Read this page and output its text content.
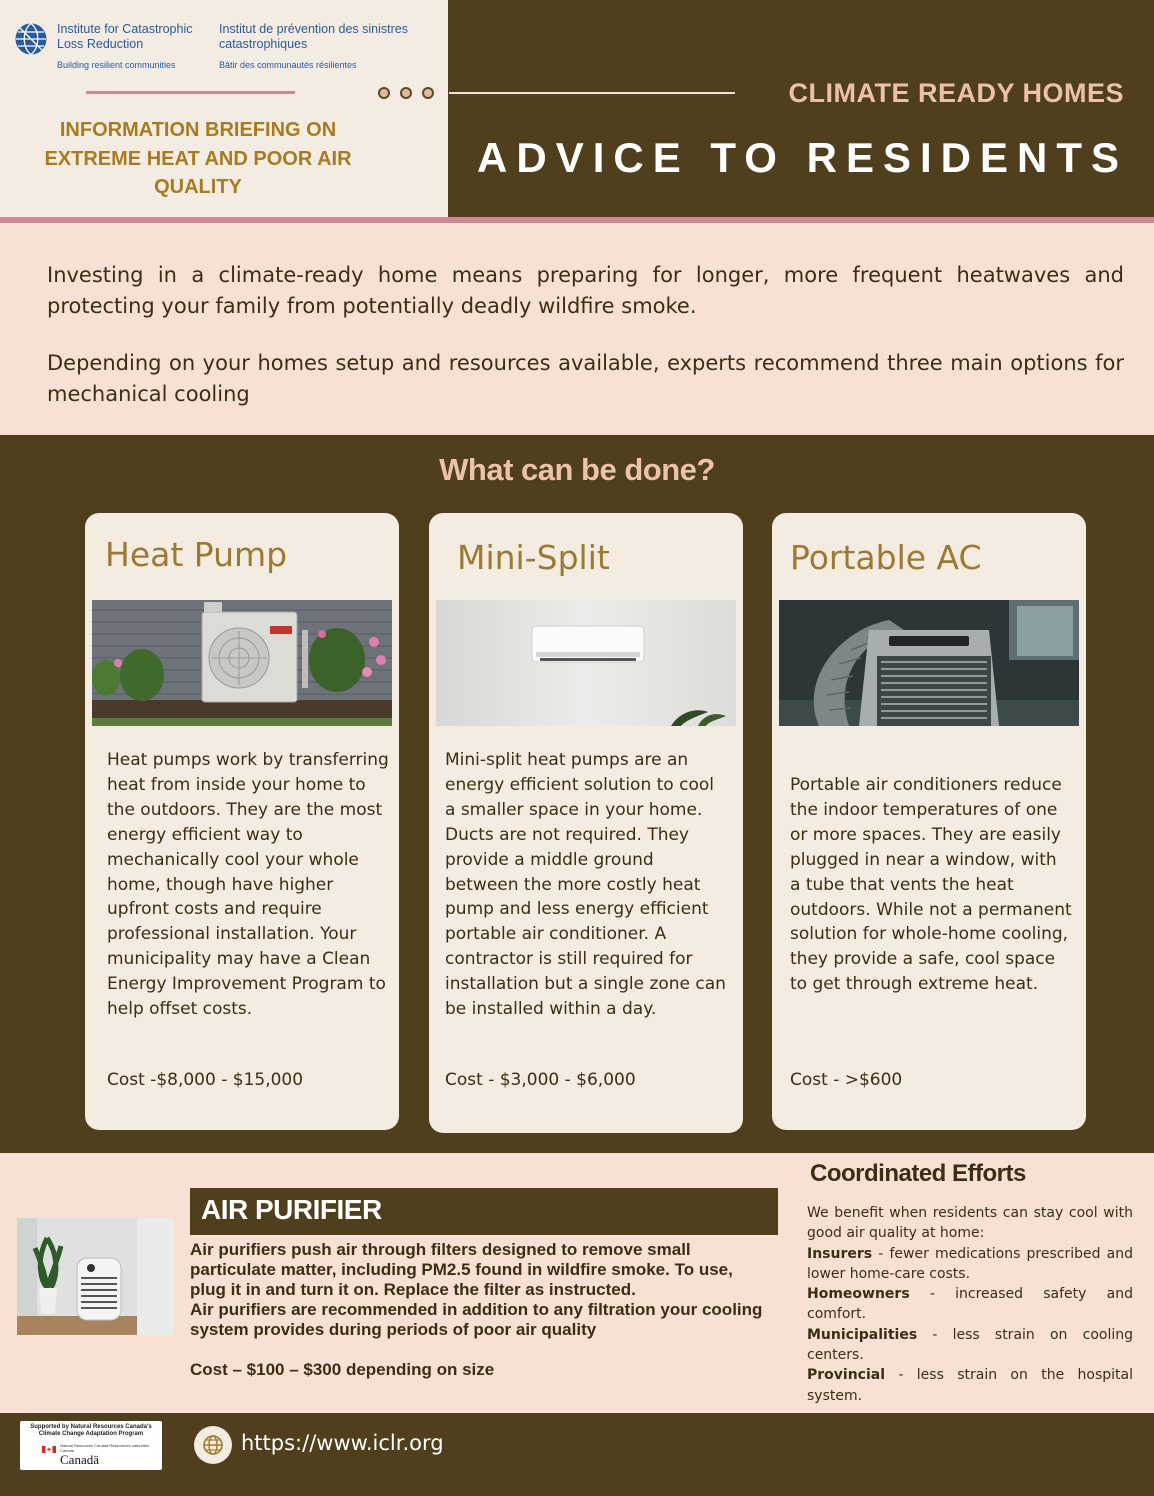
Institute for Catastrophic Loss Reduction
Institut de prévention des sinistres catastrophiques
Building resilient communities	Bâtir des communautés résilientes
INFORMATION BRIEFING ON EXTREME HEAT AND POOR AIR QUALITY
CLIMATE READY HOMES
ADVICE TO RESIDENTS

Investing in a climate-ready home means preparing for longer, more frequent heatwaves and protecting your family from potentially deadly wildfire smoke.

Depending on your homes setup and resources available, experts recommend three main options for mechanical cooling

What can be done?
Heat Pump
Heat pumps work by transferring heat from inside your home to the outdoors. They are the most energy efficient way to mechanically cool your whole home, though have higher upfront costs and require professional installation. Your municipality may have a Clean Energy Improvement Program to help offset costs.
Cost -$8,000 - $15,000
Mini-Split
Mini-split heat pumps are an energy efficient solution to cool a smaller space in your home. Ducts are not required. They provide a middle ground between the more costly heat pump and less energy efficient portable air conditioner. A contractor is still required for installation but a single zone can be installed within a day.
Cost - $3,000 - $6,000
Portable AC
Portable air conditioners reduce the indoor temperatures of one or more spaces. They are easily plugged in near a window, with a tube that vents the heat outdoors. While not a permanent solution for whole-home cooling, they provide a safe, cool space to get through extreme heat.
Cost - >$600
AIR PURIFIER
Air purifiers push air through filters designed to remove small particulate matter, including PM2.5 found in wildfire smoke. To use, plug it in and turn it on. Replace the filter as instructed.
Air purifiers are recommended in addition to any filtration your cooling system provides during periods of poor air quality
Cost – $100 – $300 depending on size
Coordinated Efforts
We benefit when residents can stay cool with good air quality at home:
Insurers - fewer medications prescribed and lower home-care costs.
Homeowners - increased safety and comfort.
Municipalities - less strain on cooling centers.
Provincial - less strain on the hospital system.
Supported by Natural Resources Canada's Climate Change Adaptation Program
Natural Resources Canada Ressources naturelles Canada
Canadä
https://www.iclr.org
